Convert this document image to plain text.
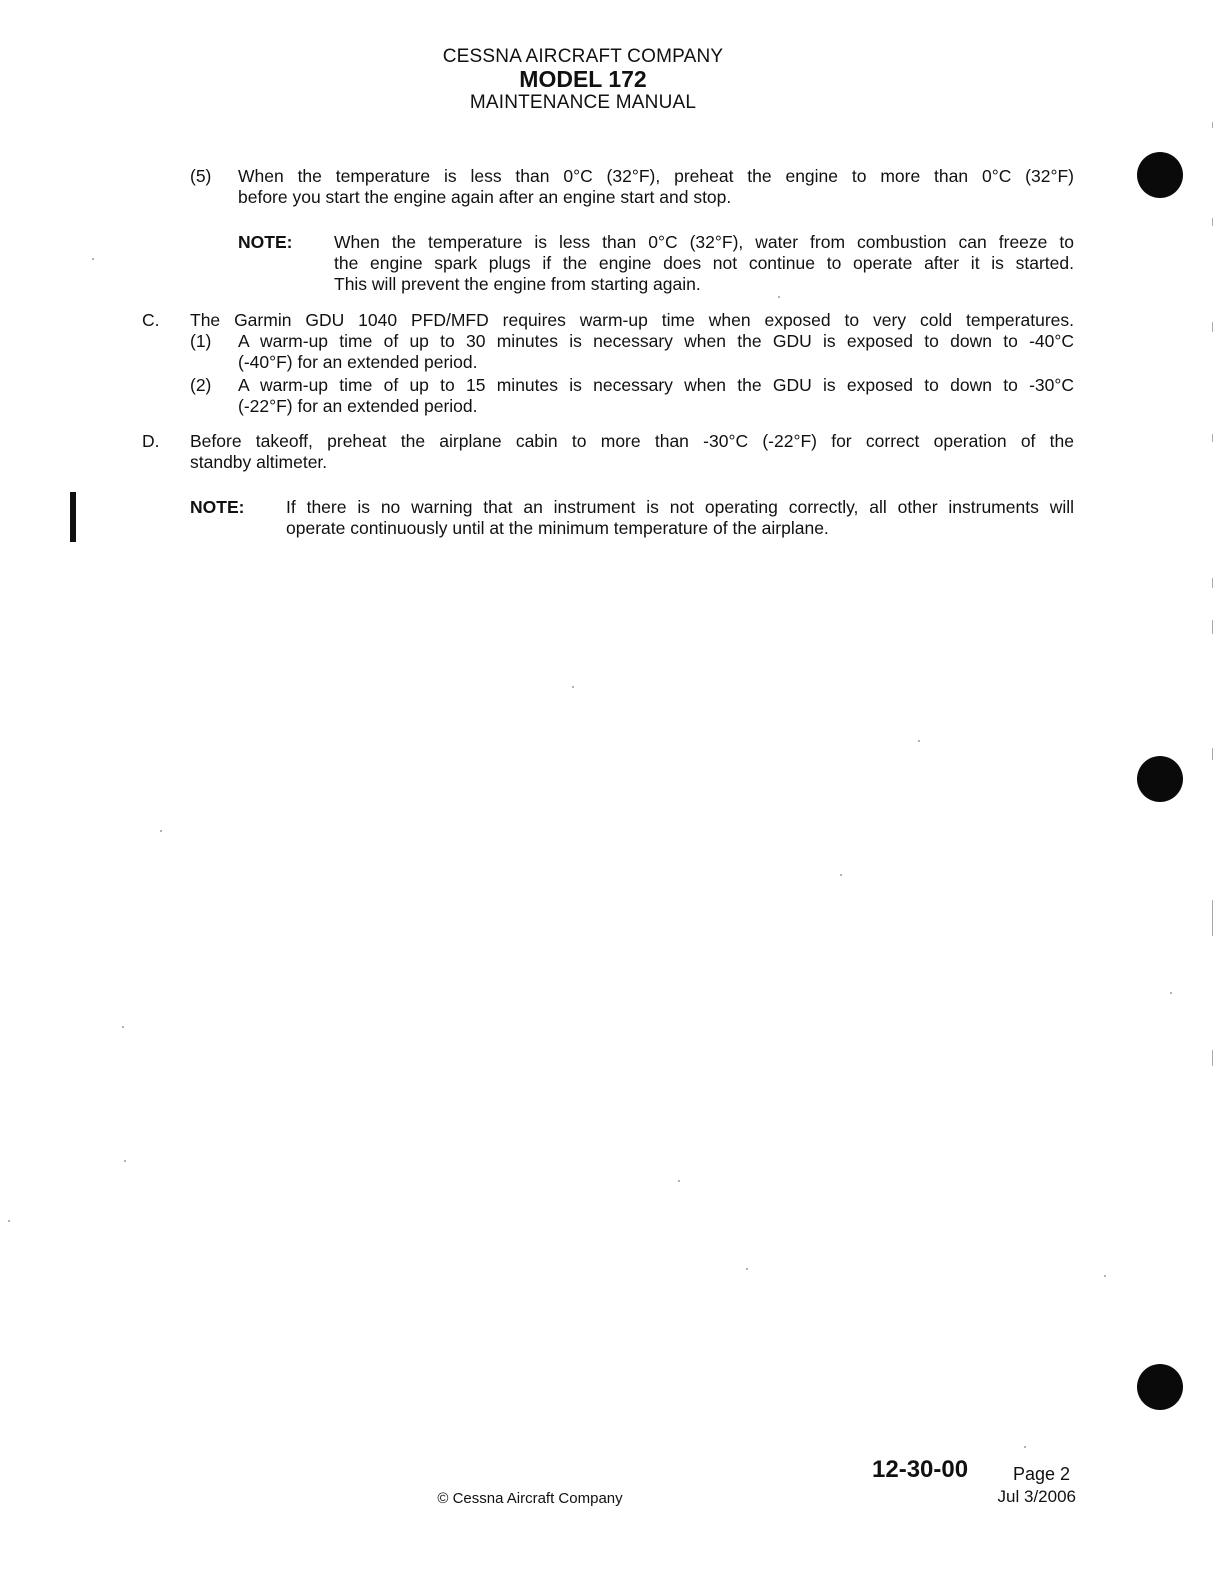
CESSNA AIRCRAFT COMPANY
MODEL 172
MAINTENANCE MANUAL
(5) When the temperature is less than 0°C (32°F), preheat the engine to more than 0°C (32°F)
before you start the engine again after an engine start and stop.
NOTE: When the temperature is less than 0°C (32°F), water from combustion can freeze to
the engine spark plugs if the engine does not continue to operate after it is started.
This will prevent the engine from starting again.
C. The Garmin GDU 1040 PFD/MFD requires warm-up time when exposed to very cold temperatures.
(1) A warm-up time of up to 30 minutes is necessary when the GDU is exposed to down to -40°C
(-40°F) for an extended period.
(2) A warm-up time of up to 15 minutes is necessary when the GDU is exposed to down to -30°C
(-22°F) for an extended period.
D. Before takeoff, preheat the airplane cabin to more than -30°C (-22°F) for correct operation of the
standby altimeter.
NOTE: If there is no warning that an instrument is not operating correctly, all other instruments will
operate continuously until at the minimum temperature of the airplane.
12-30-00 Page 2
Jul 3/2006
© Cessna Aircraft Company
